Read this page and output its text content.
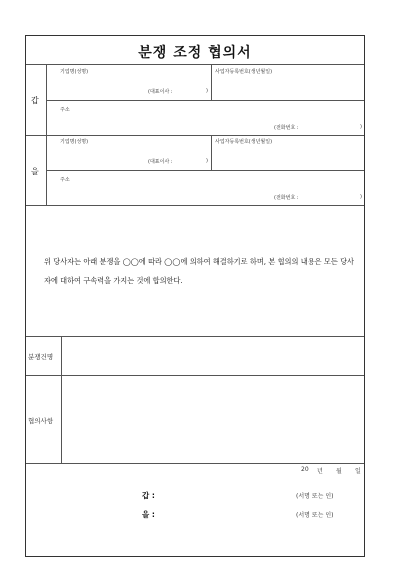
분쟁 조정 협의서
갑
기업명(성명)
(대표이사 :	)
사업자등록번호(생년월일)
주소
(전화번호 :	)
을
기업명(성명)
(대표이사 :	)
사업자등록번호(생년월일)
주소
(전화번호 :	)
위 당사자는 아래 분쟁을 ◯◯에 따라 ◯◯에 의하여 해결하기로 하며, 본 협의의 내용은 모든 당사자에 대하여 구속력을 가지는 것에 합의한다.
분쟁건명
협의사항
20 년 월 일
갑 :	(서명 또는 인)
을 :	(서명 또는 인)
